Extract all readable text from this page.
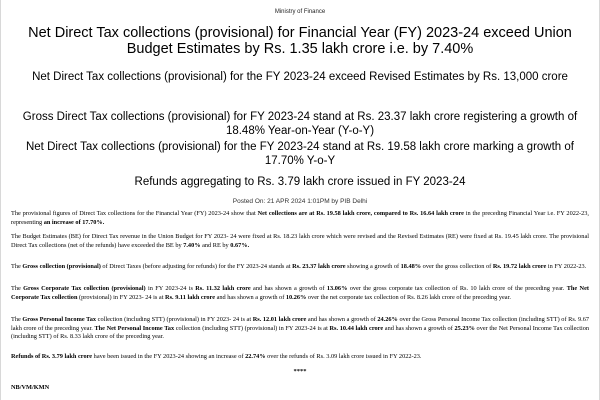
Ministry of Finance
Net Direct Tax collections (provisional) for Financial Year (FY) 2023-24 exceed Union Budget Estimates by Rs. 1.35 lakh crore i.e. by 7.40%
Net Direct Tax collections (provisional) for the FY 2023-24 exceed Revised Estimates by Rs. 13,000 crore
Gross Direct Tax collections (provisional) for FY 2023-24 stand at Rs. 23.37 lakh crore registering a growth of 18.48% Year-on-Year (Y-o-Y)
Net Direct Tax collections (provisional) for the FY 2023-24 stand at Rs. 19.58 lakh crore marking a growth of 17.70% Y-o-Y
Refunds aggregating to Rs. 3.79 lakh crore issued in FY 2023-24
Posted On: 21 APR 2024 1:01PM by PIB Delhi

The provisional figures of Direct Tax collections for the Financial Year (FY) 2023-24 show that Net collections are at Rs. 19.58 lakh crore, compared to Rs. 16.64 lakh crore in the preceding Financial Year i.e. FY 2022-23, representing an increase of 17.70%.

The Budget Estimates (BE) for Direct Tax revenue in the Union Budget for FY 2023- 24 were fixed at Rs. 18.23 lakh crore which were revised and the Revised Estimates (RE) were fixed at Rs. 19.45 lakh crore. The provisional Direct Tax collections (net of the refunds) have exceeded the BE by 7.40% and RE by 0.67%.

The Gross collection (provisional) of Direct Taxes (before adjusting for refunds) for the FY 2023-24 stands at Rs. 23.37 lakh crore showing a growth of 18.48% over the gross collection of Rs. 19.72 lakh crore in FY 2022-23.

The Gross Corporate Tax collection (provisional) in FY 2023-24 is Rs. 11.32 lakh crore and has shown a growth of 13.06% over the gross corporate tax collection of Rs. 10 lakh crore of the preceding year. The Net Corporate Tax collection (provisional) in FY 2023- 24 is at Rs. 9.11 lakh crore and has shown a growth of 10.26% over the net corporate tax collection of Rs. 8.26 lakh crore of the preceding year.

The Gross Personal Income Tax collection (including STT) (provisional) in FY 2023- 24 is at Rs. 12.01 lakh crore and has shown a growth of 24.26% over the Gross Personal Income Tax collection (including STT) of Rs. 9.67 lakh crore of the preceding year. The Net Personal Income Tax collection (including STT) (provisional) in FY 2023-24 is at Rs. 10.44 lakh crore and has shown a growth of 25.23% over the Net Personal Income Tax collection (including STT) of Rs. 8.33 lakh crore of the preceding year.

Refunds of Rs. 3.79 lakh crore have been issued in the FY 2023-24 showing an increase of 22.74% over the refunds of Rs. 3.09 lakh crore issued in FY 2022-23.

****
NB/VM/KMN
